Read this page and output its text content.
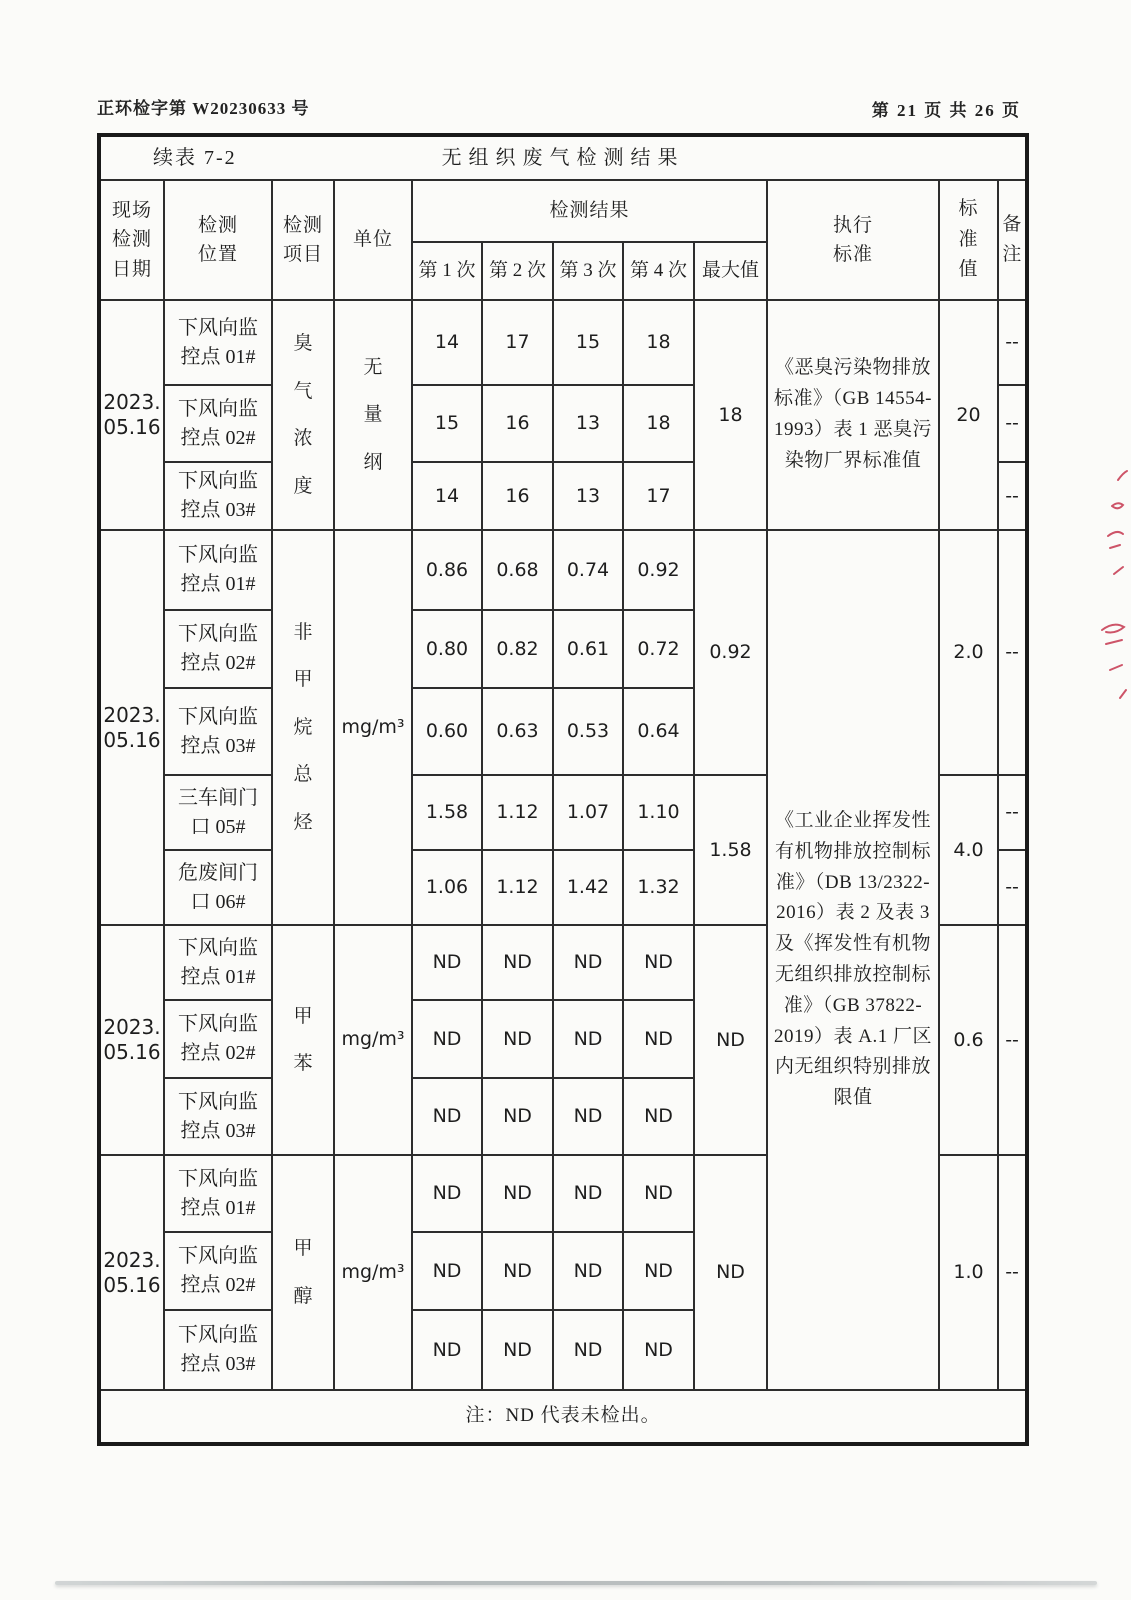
正环检字第 W20230633 号	第 21 页 共 26 页
续表 7-2 无组织废气检测结果											

现场检测日期	检测位置	检测项目	单位	检测结果					执行标准	标准值	备注
				第 1 次	第 2 次	第 3 次	第 4 次	最大值			

2023.
05.16	下风向监控点 01#	臭气浓度	无量纲	14	17	15	18	18	《恶臭污染物排放标准》（GB 14554-1993）表 1 恶臭污染物厂界标准值	20	--
	下风向监控点 02#			15	16	13	18				--
	下风向监控点 03#			14	16	13	17				--

2023.
05.16	下风向监控点 01#	非甲烷总烃	mg/m³	0.86	0.68	0.74	0.92	0.92	《工业企业挥发性有机物排放控制标准》（DB 13/2322-2016）表 2 及表 3 及《挥发性有机物无组织排放控制标准》（GB 37822-2019）表 A.1 厂区内无组织特别排放限值	2.0	--
	下风向监控点 02#			0.80	0.82	0.61	0.72				
	下风向监控点 03#			0.60	0.63	0.53	0.64				
	三车间门口 05#			1.58	1.12	1.07	1.10	1.58		4.0	--
	危废间门口 06#			1.06	1.12	1.42	1.32				--

2023.
05.16	下风向监控点 01#	甲苯	mg/m³	ND	ND	ND	ND	ND		0.6	--
	下风向监控点 02#			ND	ND	ND	ND				
	下风向监控点 03#			ND	ND	ND	ND				

2023.
05.16	下风向监控点 01#	甲醇	mg/m³	ND	ND	ND	ND	ND		1.0	--
	下风向监控点 02#			ND	ND	ND	ND				
	下风向监控点 03#			ND	ND	ND	ND				
注：ND 代表未检出。											
